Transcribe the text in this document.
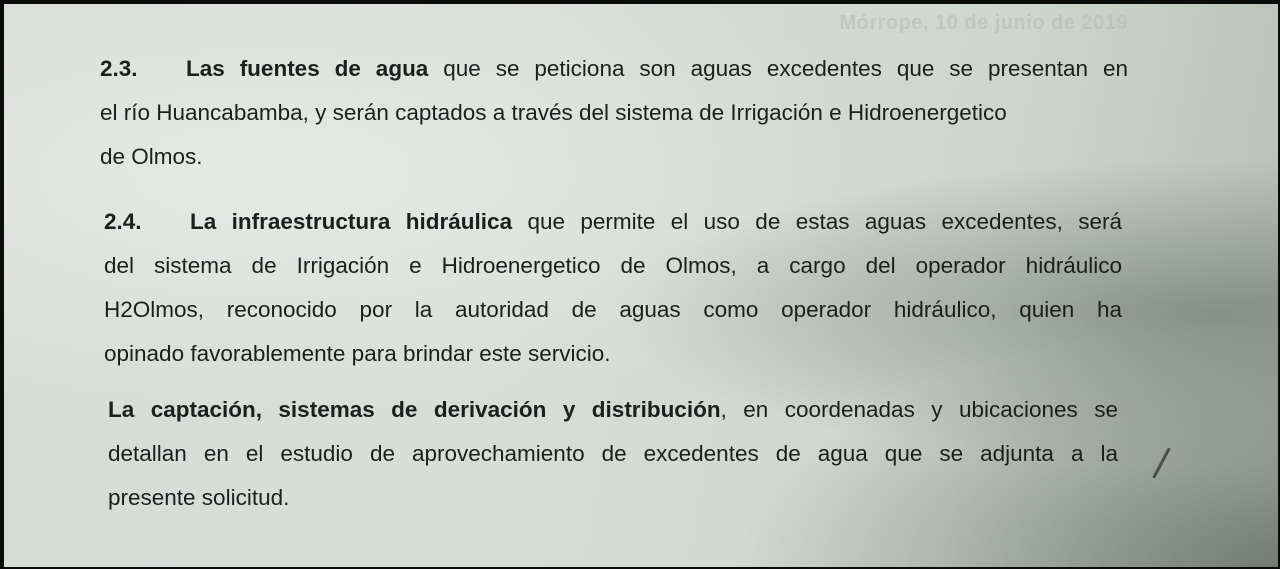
Mórrope, 10 de junio de 2019
2.3. Las fuentes de agua que se peticiona son aguas excedentes que se presentan en
el río Huancabamba, y serán captados a través del sistema de Irrigación e Hidroenergetico
de Olmos.
2.4. La infraestructura hidráulica que permite el uso de estas aguas excedentes, será
del sistema de Irrigación e Hidroenergetico de Olmos, a cargo del operador hidráulico
H2Olmos, reconocido por la autoridad de aguas como operador hidráulico, quien ha
opinado favorablemente para brindar este servicio.
La captación, sistemas de derivación y distribución, en coordenadas y ubicaciones se
detallan en el estudio de aprovechamiento de excedentes de agua que se adjunta a la
presente solicitud.
